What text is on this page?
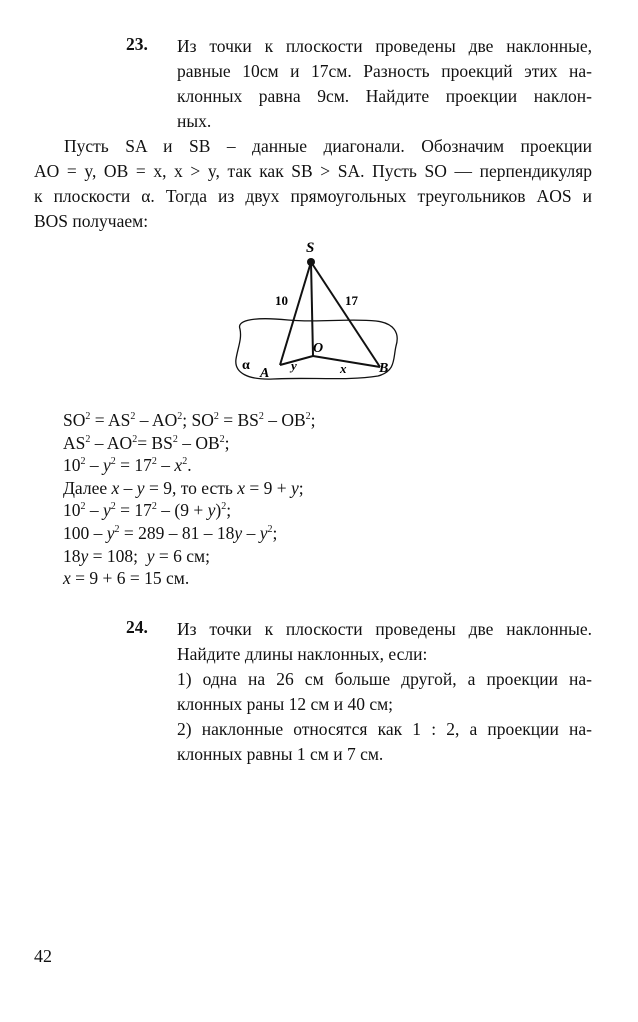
23. Из точки к плоскости проведены две наклонные,
равные 10см и 17см. Разность проекций этих на-
клонных равна 9см. Найдите проекции наклон-
ных.
Пусть SA и SB – данные диагонали. Обозначим проекции
AO = y, OB = x, x > y, так как SB > SA. Пусть SO — перпендикуляр
к плоскости α. Тогда из двух прямоугольных треугольников AOS и
BOS получаем:
S
O
A	B
α	y	x
10	17
$SO^2 = AS^2 - AO^2$; $SO^2 = BS^2 - OB^2$;
$AS^2 - AO^2= BS^2 - OB^2$;
$10^2 - y^2 = 17^2 - x^2$.
Далее x – y = 9, то есть x = 9 + y;
$10^2 - y^2 = 17^2 - (9 + y)^2$;
$100 - y^2 = 289 - 81 - 18y - y^2$;
18y = 108;  y = 6 см;
x = 9 + 6 = 15 см.
24. Из точки к плоскости проведены две наклонные.
Найдите длины наклонных, если:
1) одна на 26 см больше другой, а проекции на-
клонных раны 12 см и 40 см;
2) наклонные относятся как 1 : 2, а проекции на-
клонных равны 1 см и 7 см.
42
